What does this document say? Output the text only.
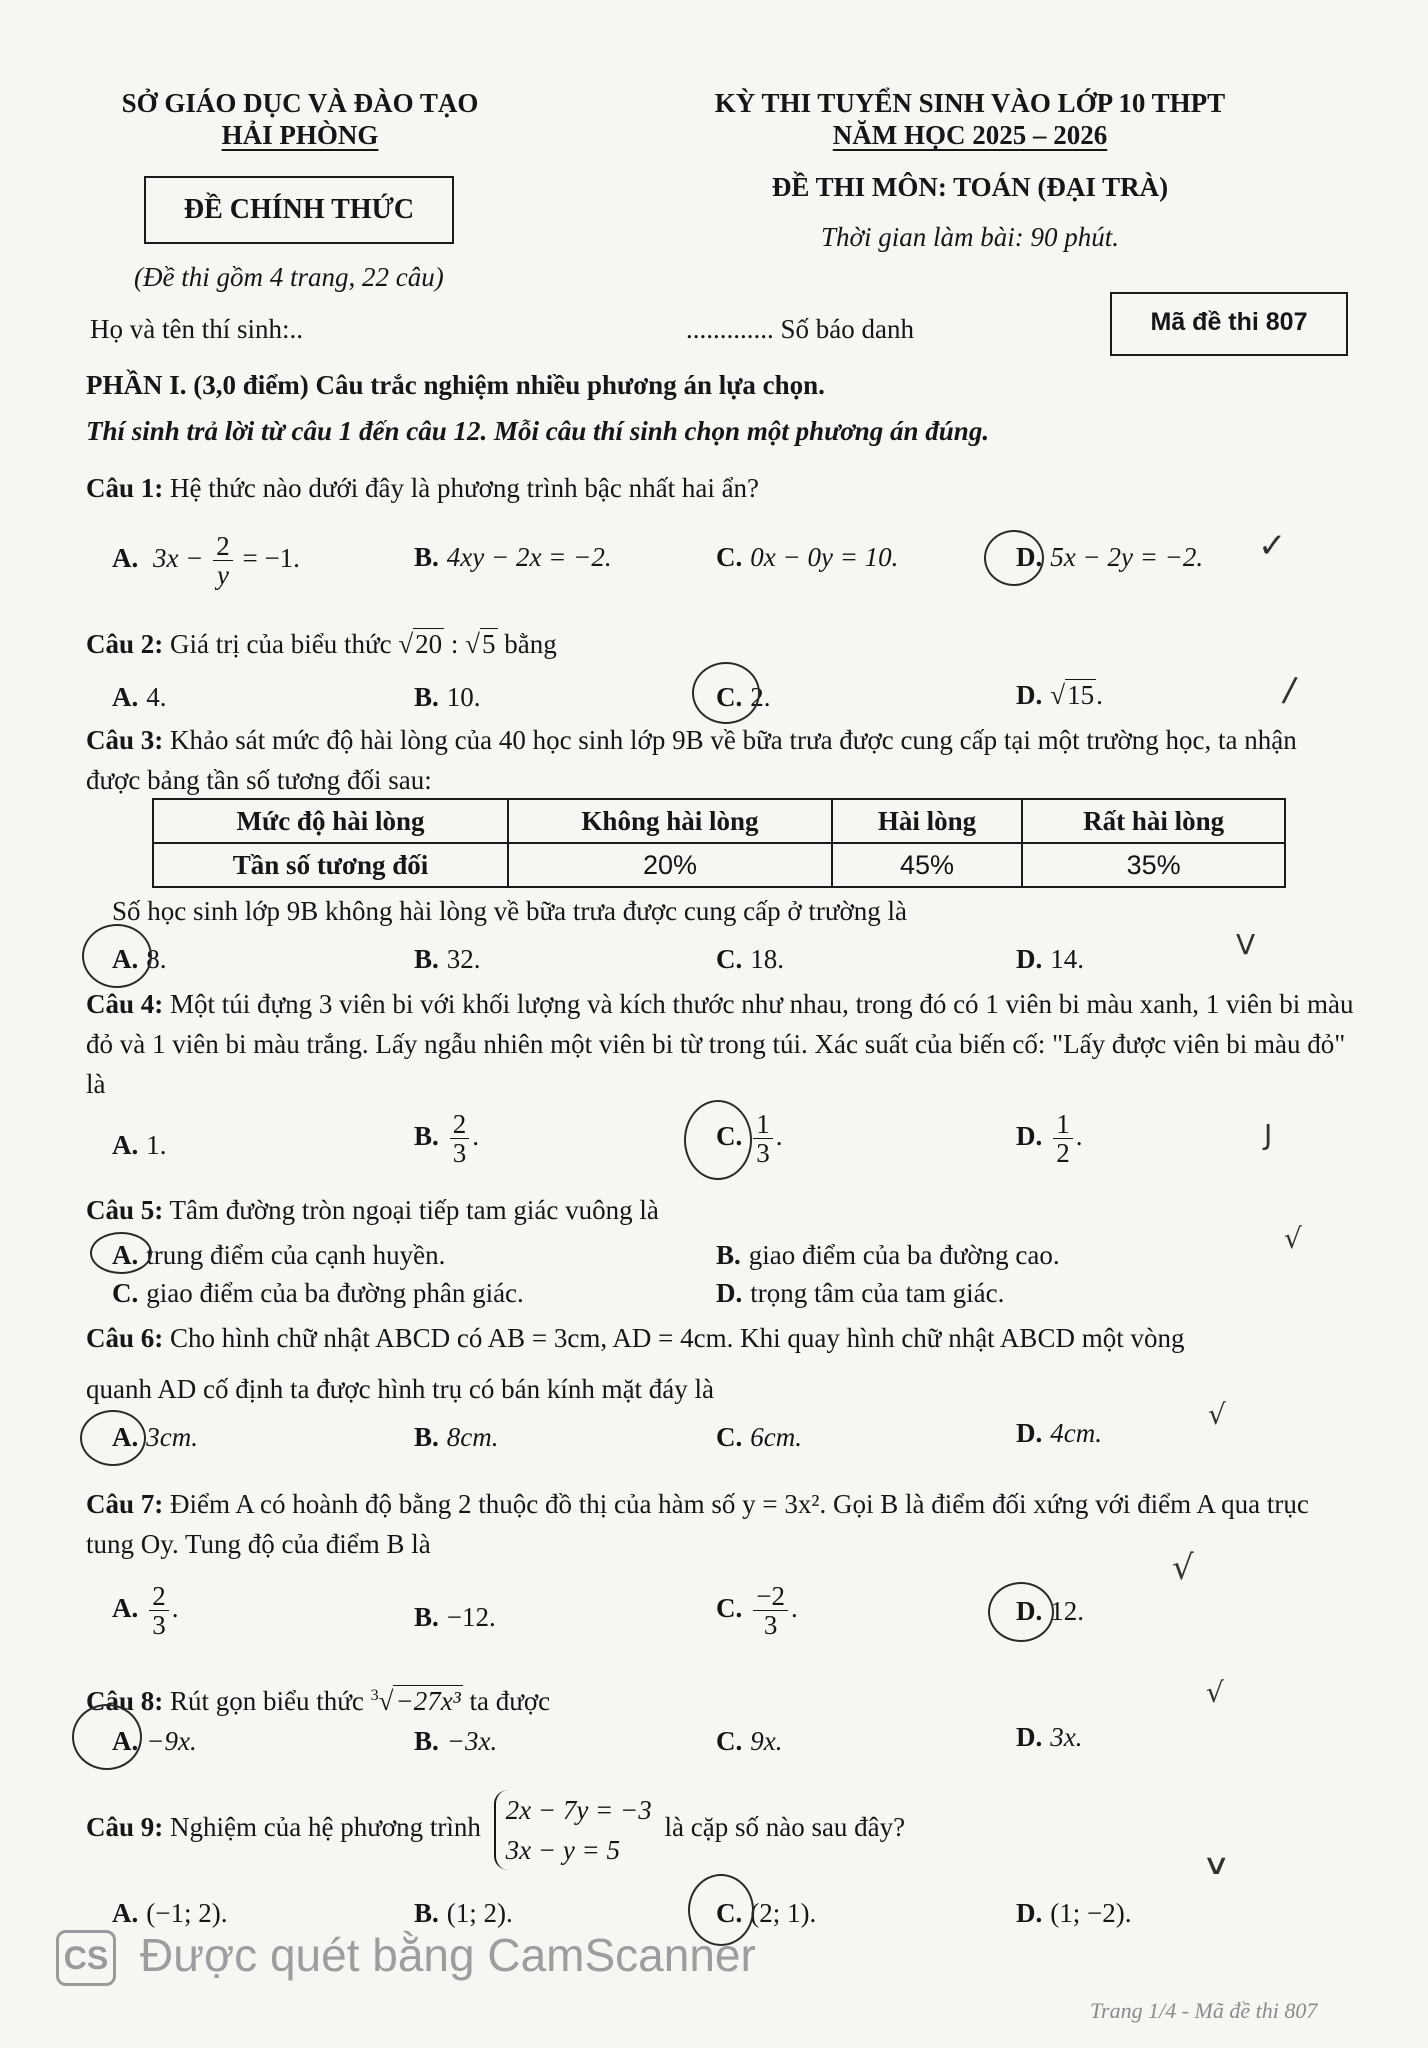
SỞ GIÁO DỤC VÀ ĐÀO TẠO
HẢI PHÒNG
ĐỀ CHÍNH THỨC
(Đề thi gồm 4 trang, 22 câu)
KỲ THI TUYỂN SINH VÀO LỚP 10 THPT
NĂM HỌC 2025 – 2026
ĐỀ THI MÔN: TOÁN (ĐẠI TRÀ)
Thời gian làm bài: 90 phút.
Họ và tên thí sinh:..	............. Số báo danh	Mã đề thi 807
PHẦN I. (3,0 điểm) Câu trắc nghiệm nhiều phương án lựa chọn.
Thí sinh trả lời từ câu 1 đến câu 12. Mỗi câu thí sinh chọn một phương án đúng.
Câu 1: Hệ thức nào dưới đây là phương trình bậc nhất hai ẩn?
A. $3x - \frac{2}{y} = -1$.	B. 4xy − 2x = −2.	C. 0x − 0y = 10.	D. 5x − 2y = −2. ✓
Câu 2: Giá trị của biểu thức √20 : √5 bằng
A. 4.	B. 10.	C. 2.	D. √15.	/
Câu 3: Khảo sát mức độ hài lòng của 40 học sinh lớp 9B về bữa trưa được cung cấp tại một trường học, ta nhận được bảng tần số tương đối sau:
Mức độ hài lòng	Không hài lòng	Hài lòng	Rất hài lòng
Tần số tương đối	20%	45%	35%
Số học sinh lớp 9B không hài lòng về bữa trưa được cung cấp ở trường là
A. 8.	B. 32.	C. 18.	D. 14.	V
Câu 4: Một túi đựng 3 viên bi với khối lượng và kích thước như nhau, trong đó có 1 viên bi màu xanh, 1 viên bi màu đỏ và 1 viên bi màu trắng. Lấy ngẫu nhiên một viên bi từ trong túi. Xác suất của biến cố: "Lấy được viên bi màu đỏ" là
A. 1.	B. $\frac{2}{3}$ .	C. $\frac{1}{3}$ .	D. $\frac{1}{2}$ .	J
Câu 5: Tâm đường tròn ngoại tiếp tam giác vuông là
A. trung điểm của cạnh huyền.	B. giao điểm của ba đường cao.
C. giao điểm của ba đường phân giác.	D. trọng tâm của tam giác.
√
Câu 6: Cho hình chữ nhật ABCD có AB = 3cm, AD = 4cm. Khi quay hình chữ nhật ABCD một vòng
quanh AD cố định ta được hình trụ có bán kính mặt đáy là
A. 3cm.	B. 8cm.	C. 6cm.	D. 4cm.
√
Câu 7: Điểm A có hoành độ bằng 2 thuộc đồ thị của hàm số y = 3x². Gọi B là điểm đối xứng với điểm A qua trục tung Oy. Tung độ của điểm B là
A. $\frac{2}{3}$ .	B. −12.	C. $\frac{-2}{3}$ .	D. 12.
√
Câu 8: Rút gọn biểu thức $^3$√−27x³ ta được
A. −9x.	B. −3x.	C. 9x.	D. 3x.
√
Câu 9: Nghiệm của hệ phương trình
2x − 7y = −3
3x − y = 5
là cặp số nào sau đây?
A. (−1; 2).	B. (1; 2).	C. (2; 1).	D. (1; −2).
∨
CS Được quét bằng CamScanner
Trang 1/4 - Mã đề thi 807
